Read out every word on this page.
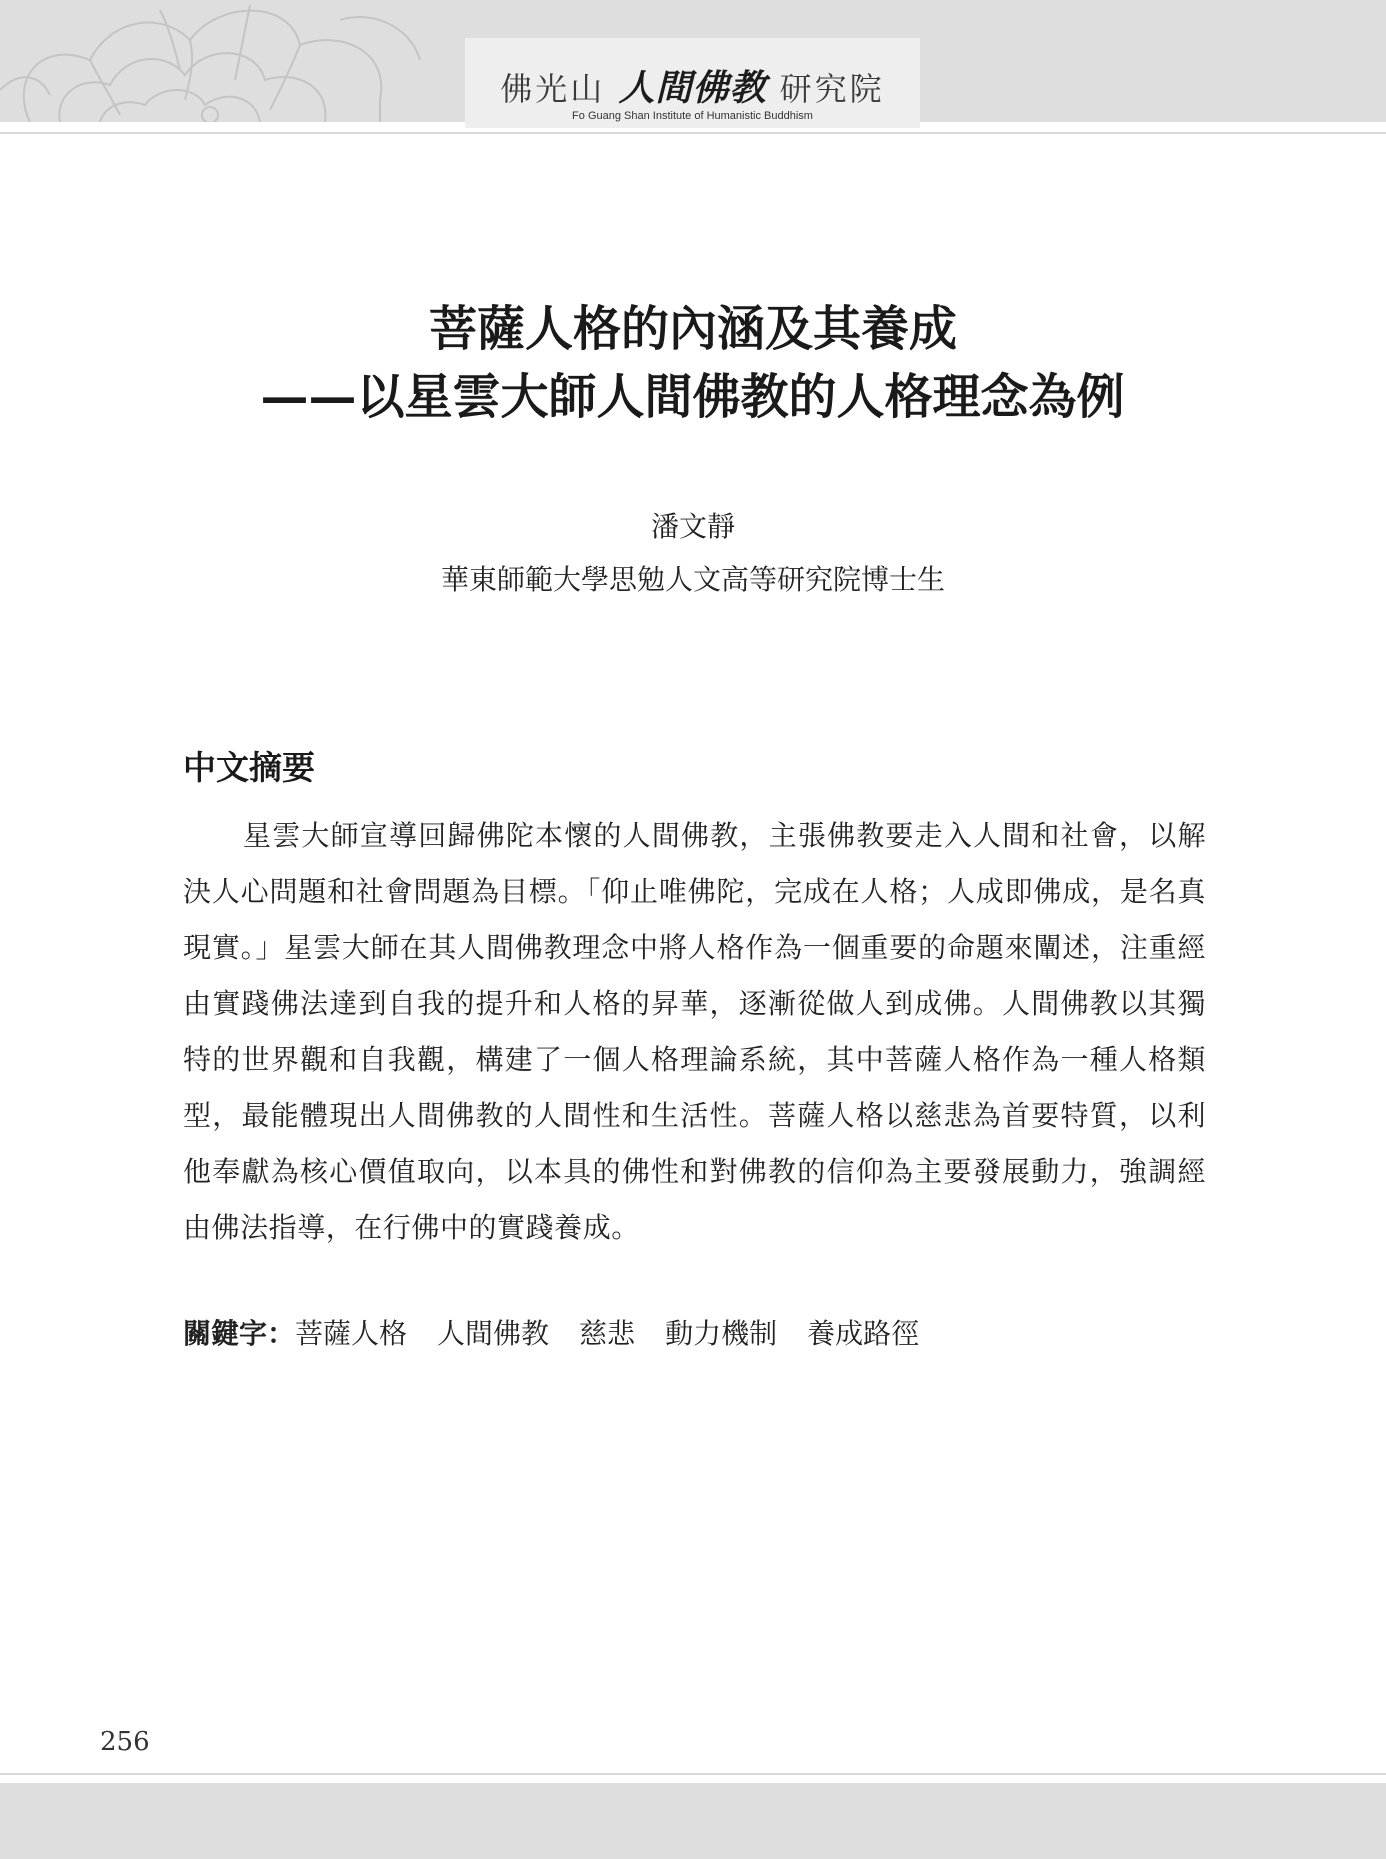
佛光山 人間佛教 研究院
Fo Guang Shan Institute of Humanistic Buddhism
菩薩人格的內涵及其養成
——以星雲大師人間佛教的人格理念為例
潘文靜
華東師範大學思勉人文高等研究院博士生
中文摘要
星雲大師宣導回歸佛陀本懷的人間佛教，主張佛教要走入人間和社會，以解決人心問題和社會問題為目標。「仰止唯佛陀，完成在人格；人成即佛成，是名真現實。」星雲大師在其人間佛教理念中將人格作為一個重要的命題來闡述，注重經由實踐佛法達到自我的提升和人格的昇華，逐漸從做人到成佛。人間佛教以其獨特的世界觀和自我觀，構建了一個人格理論系統，其中菩薩人格作為一種人格類型，最能體現出人間佛教的人間性和生活性。菩薩人格以慈悲為首要特質，以利他奉獻為核心價值取向，以本具的佛性和對佛教的信仰為主要發展動力，強調經由佛法指導，在行佛中的實踐養成。
關鍵字：菩薩人格 人間佛教 慈悲 動力機制 養成路徑
256
